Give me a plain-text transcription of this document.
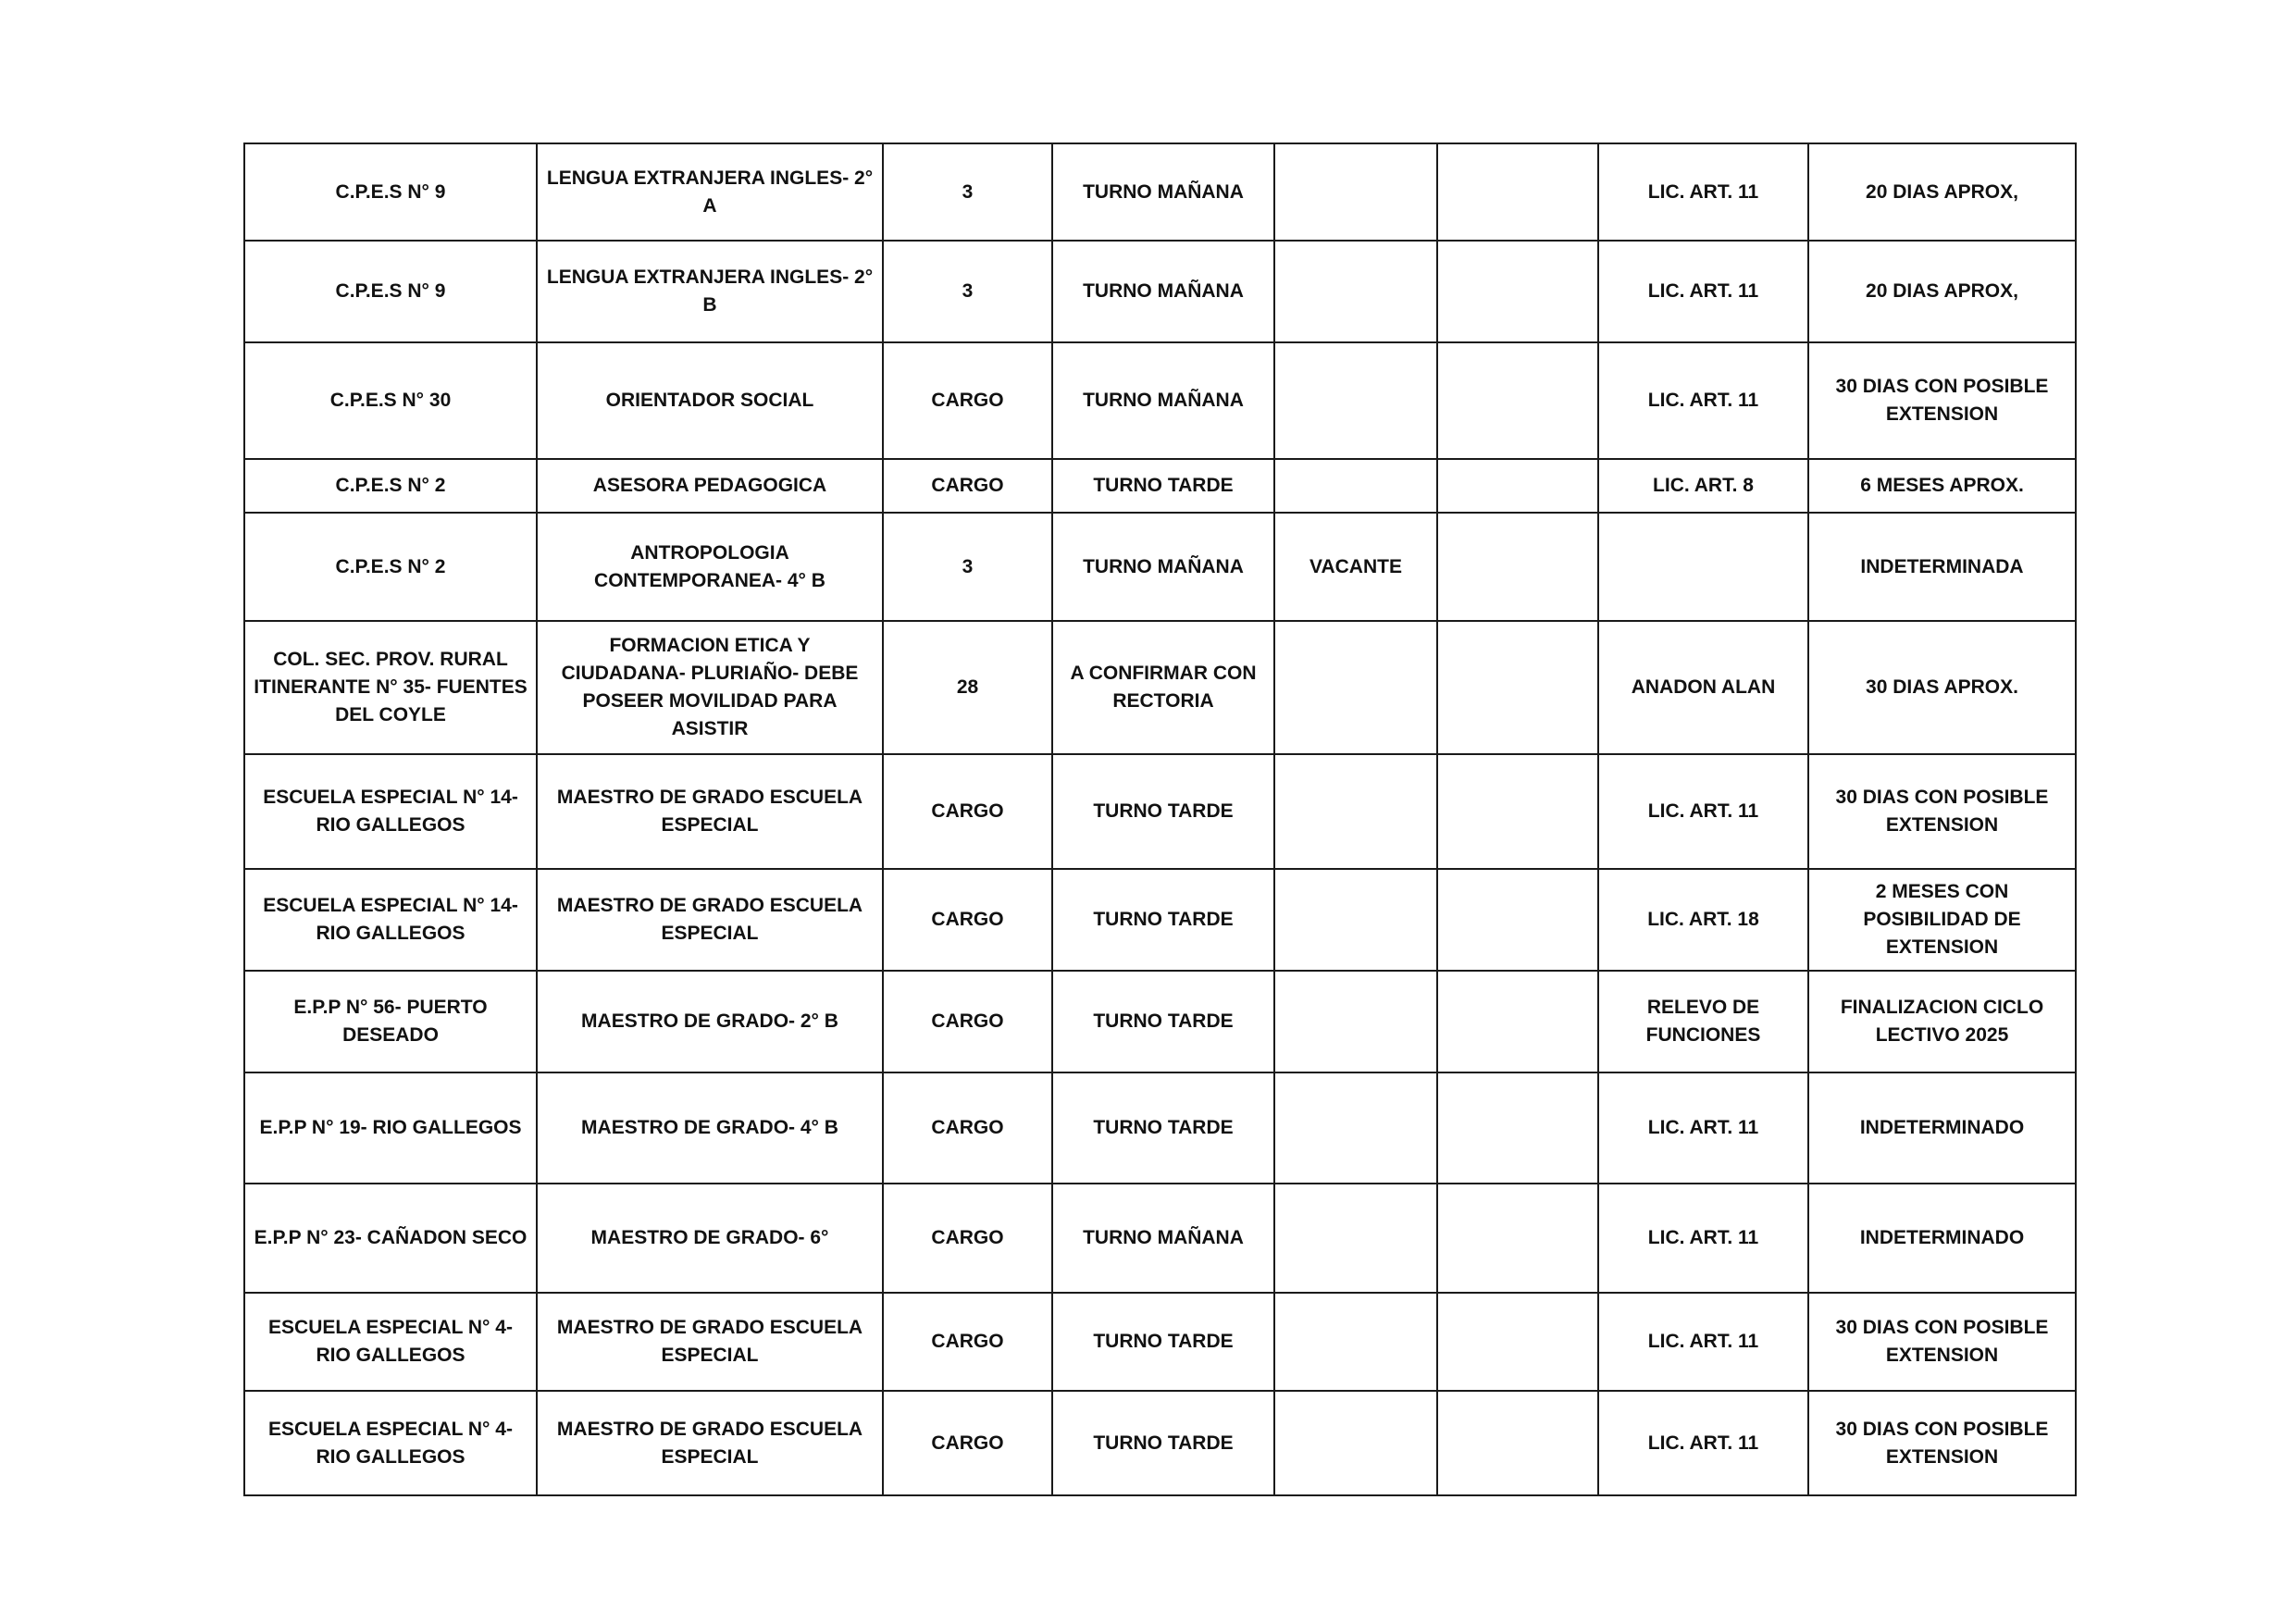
C.P.E.S N° 9	LENGUA EXTRANJERA INGLES- 2° A	3	TURNO MAÑANA			LIC. ART. 11	20 DIAS APROX,
C.P.E.S N° 9	LENGUA EXTRANJERA INGLES- 2° B	3	TURNO MAÑANA			LIC. ART. 11	20 DIAS APROX,
C.P.E.S N° 30	ORIENTADOR SOCIAL	CARGO	TURNO MAÑANA			LIC. ART. 11	30 DIAS CON POSIBLE EXTENSION
C.P.E.S N° 2	ASESORA PEDAGOGICA	CARGO	TURNO TARDE			LIC. ART. 8	6 MESES APROX.
C.P.E.S N° 2	ANTROPOLOGIA CONTEMPORANEA- 4° B	3	TURNO MAÑANA	VACANTE			INDETERMINADA
COL. SEC. PROV. RURAL ITINERANTE N° 35- FUENTES DEL COYLE	FORMACION ETICA Y CIUDADANA- PLURIAÑO- DEBE POSEER MOVILIDAD PARA ASISTIR	28	A CONFIRMAR CON RECTORIA			ANADON ALAN	30 DIAS APROX.
ESCUELA ESPECIAL N° 14- RIO GALLEGOS	MAESTRO DE GRADO ESCUELA ESPECIAL	CARGO	TURNO TARDE			LIC. ART. 11	30 DIAS CON POSIBLE EXTENSION
ESCUELA ESPECIAL N° 14- RIO GALLEGOS	MAESTRO DE GRADO ESCUELA ESPECIAL	CARGO	TURNO TARDE			LIC. ART. 18	2 MESES CON POSIBILIDAD DE EXTENSION
E.P.P N° 56- PUERTO DESEADO	MAESTRO DE GRADO- 2° B	CARGO	TURNO TARDE			RELEVO DE FUNCIONES	FINALIZACION CICLO LECTIVO 2025
E.P.P N° 19- RIO GALLEGOS	MAESTRO DE GRADO- 4° B	CARGO	TURNO TARDE			LIC. ART. 11	INDETERMINADO
E.P.P N° 23- CAÑADON SECO	MAESTRO DE GRADO- 6°	CARGO	TURNO MAÑANA			LIC. ART. 11	INDETERMINADO
ESCUELA ESPECIAL N° 4- RIO GALLEGOS	MAESTRO DE GRADO ESCUELA ESPECIAL	CARGO	TURNO TARDE			LIC. ART. 11	30 DIAS CON POSIBLE EXTENSION
ESCUELA ESPECIAL N° 4- RIO GALLEGOS	MAESTRO DE GRADO ESCUELA ESPECIAL	CARGO	TURNO TARDE			LIC. ART. 11	30 DIAS CON POSIBLE EXTENSION
